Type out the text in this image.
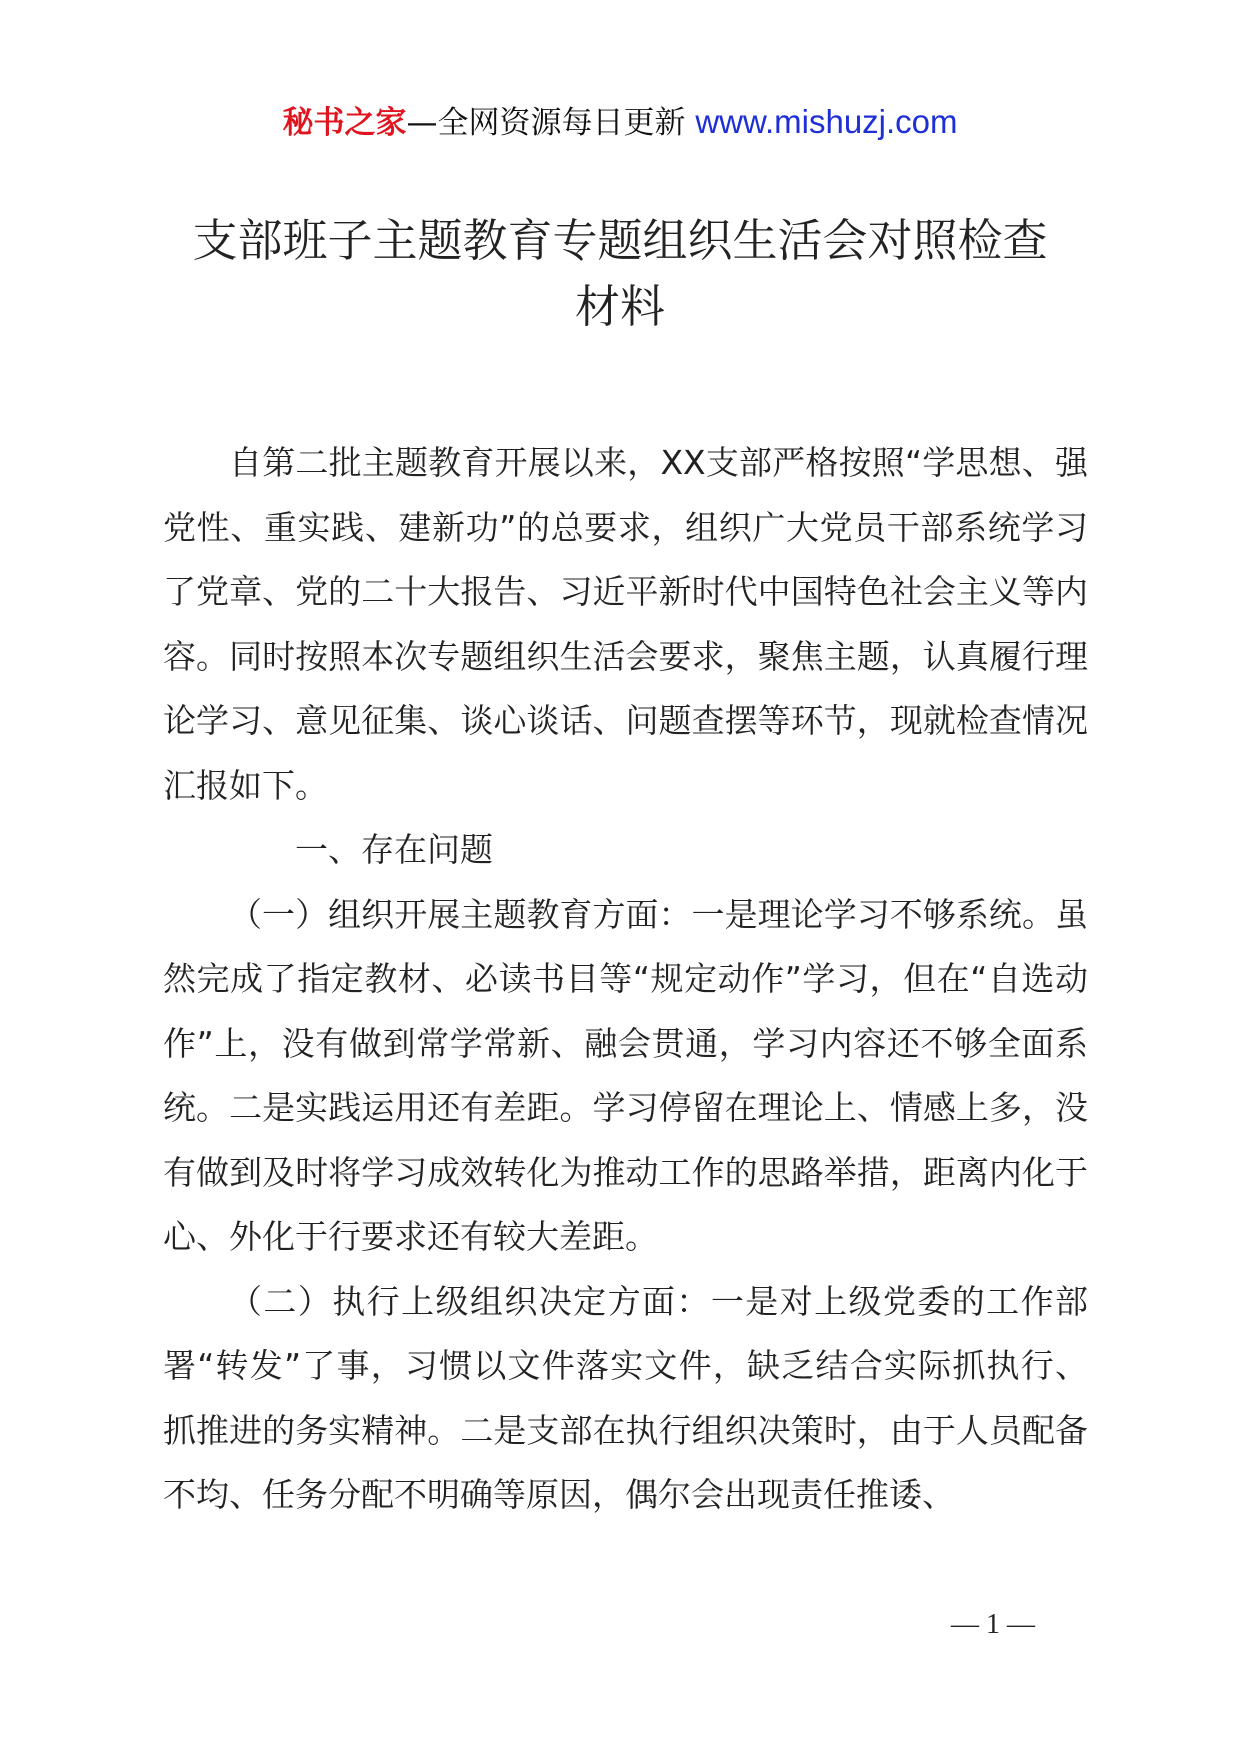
秘书之家—全网资源每日更新 www.mishuzj.com
支部班子主题教育专题组织生活会对照检查
材料

自第二批主题教育开展以来，XX支部严格按照“学思想、强党性、重实践、建新功”的总要求，组织广大党员干部系统学习了党章、党的二十大报告、习近平新时代中国特色社会主义等内容。同时按照本次专题组织生活会要求，聚焦主题，认真履行理论学习、意见征集、谈心谈话、问题查摆等环节，现就检查情况汇报如下。

一、存在问题

（一）组织开展主题教育方面：一是理论学习不够系统。虽然完成了指定教材、必读书目等“规定动作”学习，但在“自选动作”上，没有做到常学常新、融会贯通，学习内容还不够全面系统。二是实践运用还有差距。学习停留在理论上、情感上多，没有做到及时将学习成效转化为推动工作的思路举措，距离内化于心、外化于行要求还有较大差距。

（二）执行上级组织决定方面：一是对上级党委的工作部署“转发”了事，习惯以文件落实文件，缺乏结合实际抓执行、抓推进的务实精神。二是支部在执行组织决策时，由于人员配备不均、任务分配不明确等原因，偶尔会出现责任推诿、

— 1 —
